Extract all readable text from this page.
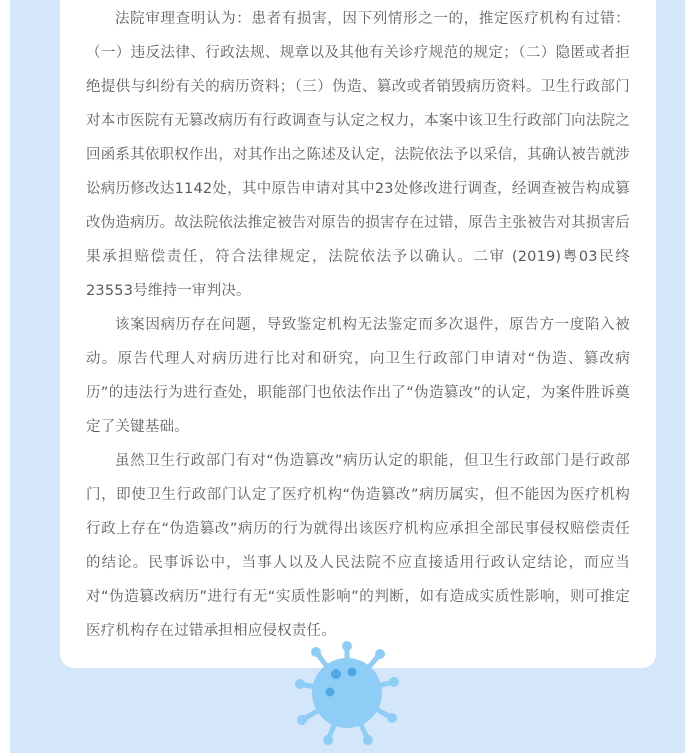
法院审理查明认为：患者有损害，因下列情形之一的，推定医疗机构有过错：（一）违反法律、行政法规、规章以及其他有关诊疗规范的规定；（二）隐匿或者拒绝提供与纠纷有关的病历资料；（三）伪造、篡改或者销毁病历资料。卫生行政部门对本市医院有无篡改病历有行政调查与认定之权力，本案中该卫生行政部门向法院之回函系其依职权作出，对其作出之陈述及认定，法院依法予以采信，其确认被告就涉讼病历修改达1142处，其中原告申请对其中23处修改进行调查，经调查被告构成篡改伪造病历。故法院依法推定被告对原告的损害存在过错，原告主张被告对其损害后果承担赔偿责任，符合法律规定，法院依法予以确认。二审 (2019)粤03民终23553号维持一审判决。

该案因病历存在问题，导致鉴定机构无法鉴定而多次退件，原告方一度陷入被动。原告代理人对病历进行比对和研究，向卫生行政部门申请对“伪造、篡改病历”的违法行为进行查处，职能部门也依法作出了“伪造篡改”的认定，为案件胜诉奠定了关键基础。

虽然卫生行政部门有对“伪造篡改”病历认定的职能，但卫生行政部门是行政部门，即使卫生行政部门认定了医疗机构“伪造篡改”病历属实，但不能因为医疗机构行政上存在“伪造篡改”病历的行为就得出该医疗机构应承担全部民事侵权赔偿责任的结论。民事诉讼中，当事人以及人民法院不应直接适用行政认定结论，而应当对“伪造篡改病历”进行有无“实质性影响”的判断，如有造成实质性影响，则可推定医疗机构存在过错承担相应侵权责任。
